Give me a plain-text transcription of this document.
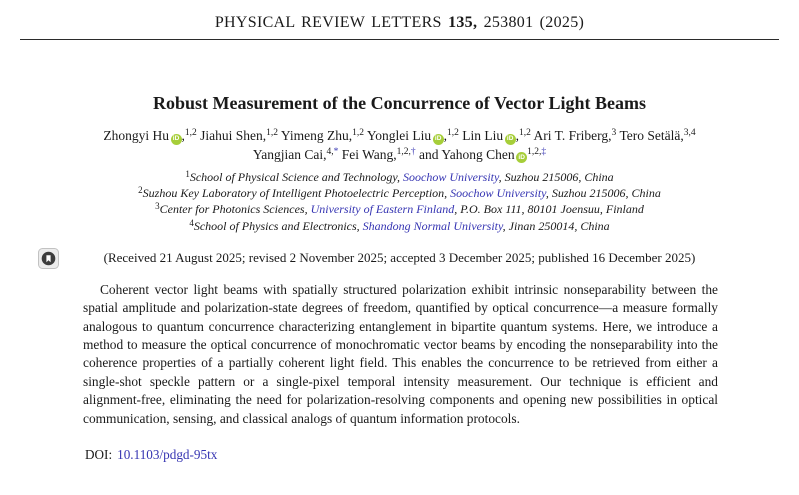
PHYSICAL REVIEW LETTERS 135, 253801 (2025)
Robust Measurement of the Concurrence of Vector Light Beams
Zhongyi Hu iD ,$^{1,2}$ Jiahui Shen,$^{1,2}$ Yimeng Zhu,$^{1,2}$ Yonglei Liu iD ,$^{1,2}$ Lin Liu iD ,$^{1,2}$ Ari T. Friberg,$^3$ Tero Setälä,$^{3,4}$
Yangjian Cai,$^{4,*}$ Fei Wang,$^{1,2,\dagger}$ and Yahong Chen $iD^{1,2,\ddagger}$
$^1$School of Physical Science and Technology, Soochow University, Suzhou 215006, China
$^2$Suzhou Key Laboratory of Intelligent Photoelectric Perception, Soochow University, Suzhou 215006, China
$^3$Center for Photonics Sciences, University of Eastern Finland, P.O. Box 111, 80101 Joensuu, Finland
$^4$School of Physics and Electronics, Shandong Normal University, Jinan 250014, China
(Received 21 August 2025; revised 2 November 2025; accepted 3 December 2025; published 16 December 2025)

Coherent vector light beams with spatially structured polarization exhibit intrinsic nonseparability between the spatial amplitude and polarization-state degrees of freedom, quantified by optical concurrence—a measure formally analogous to quantum concurrence characterizing entanglement in bipartite quantum systems. Here, we introduce a method to measure the optical concurrence of monochromatic vector beams by encoding the nonseparability into the coherence properties of a partially coherent light field. This enables the concurrence to be retrieved from either a single-shot speckle pattern or a single-pixel temporal intensity measurement. Our technique is efficient and alignment-free, eliminating the need for polarization-resolving components and opening new possibilities in optical communication, sensing, and classical analogs of quantum information protocols.

DOI: 10.1103/pdgd-95tx
